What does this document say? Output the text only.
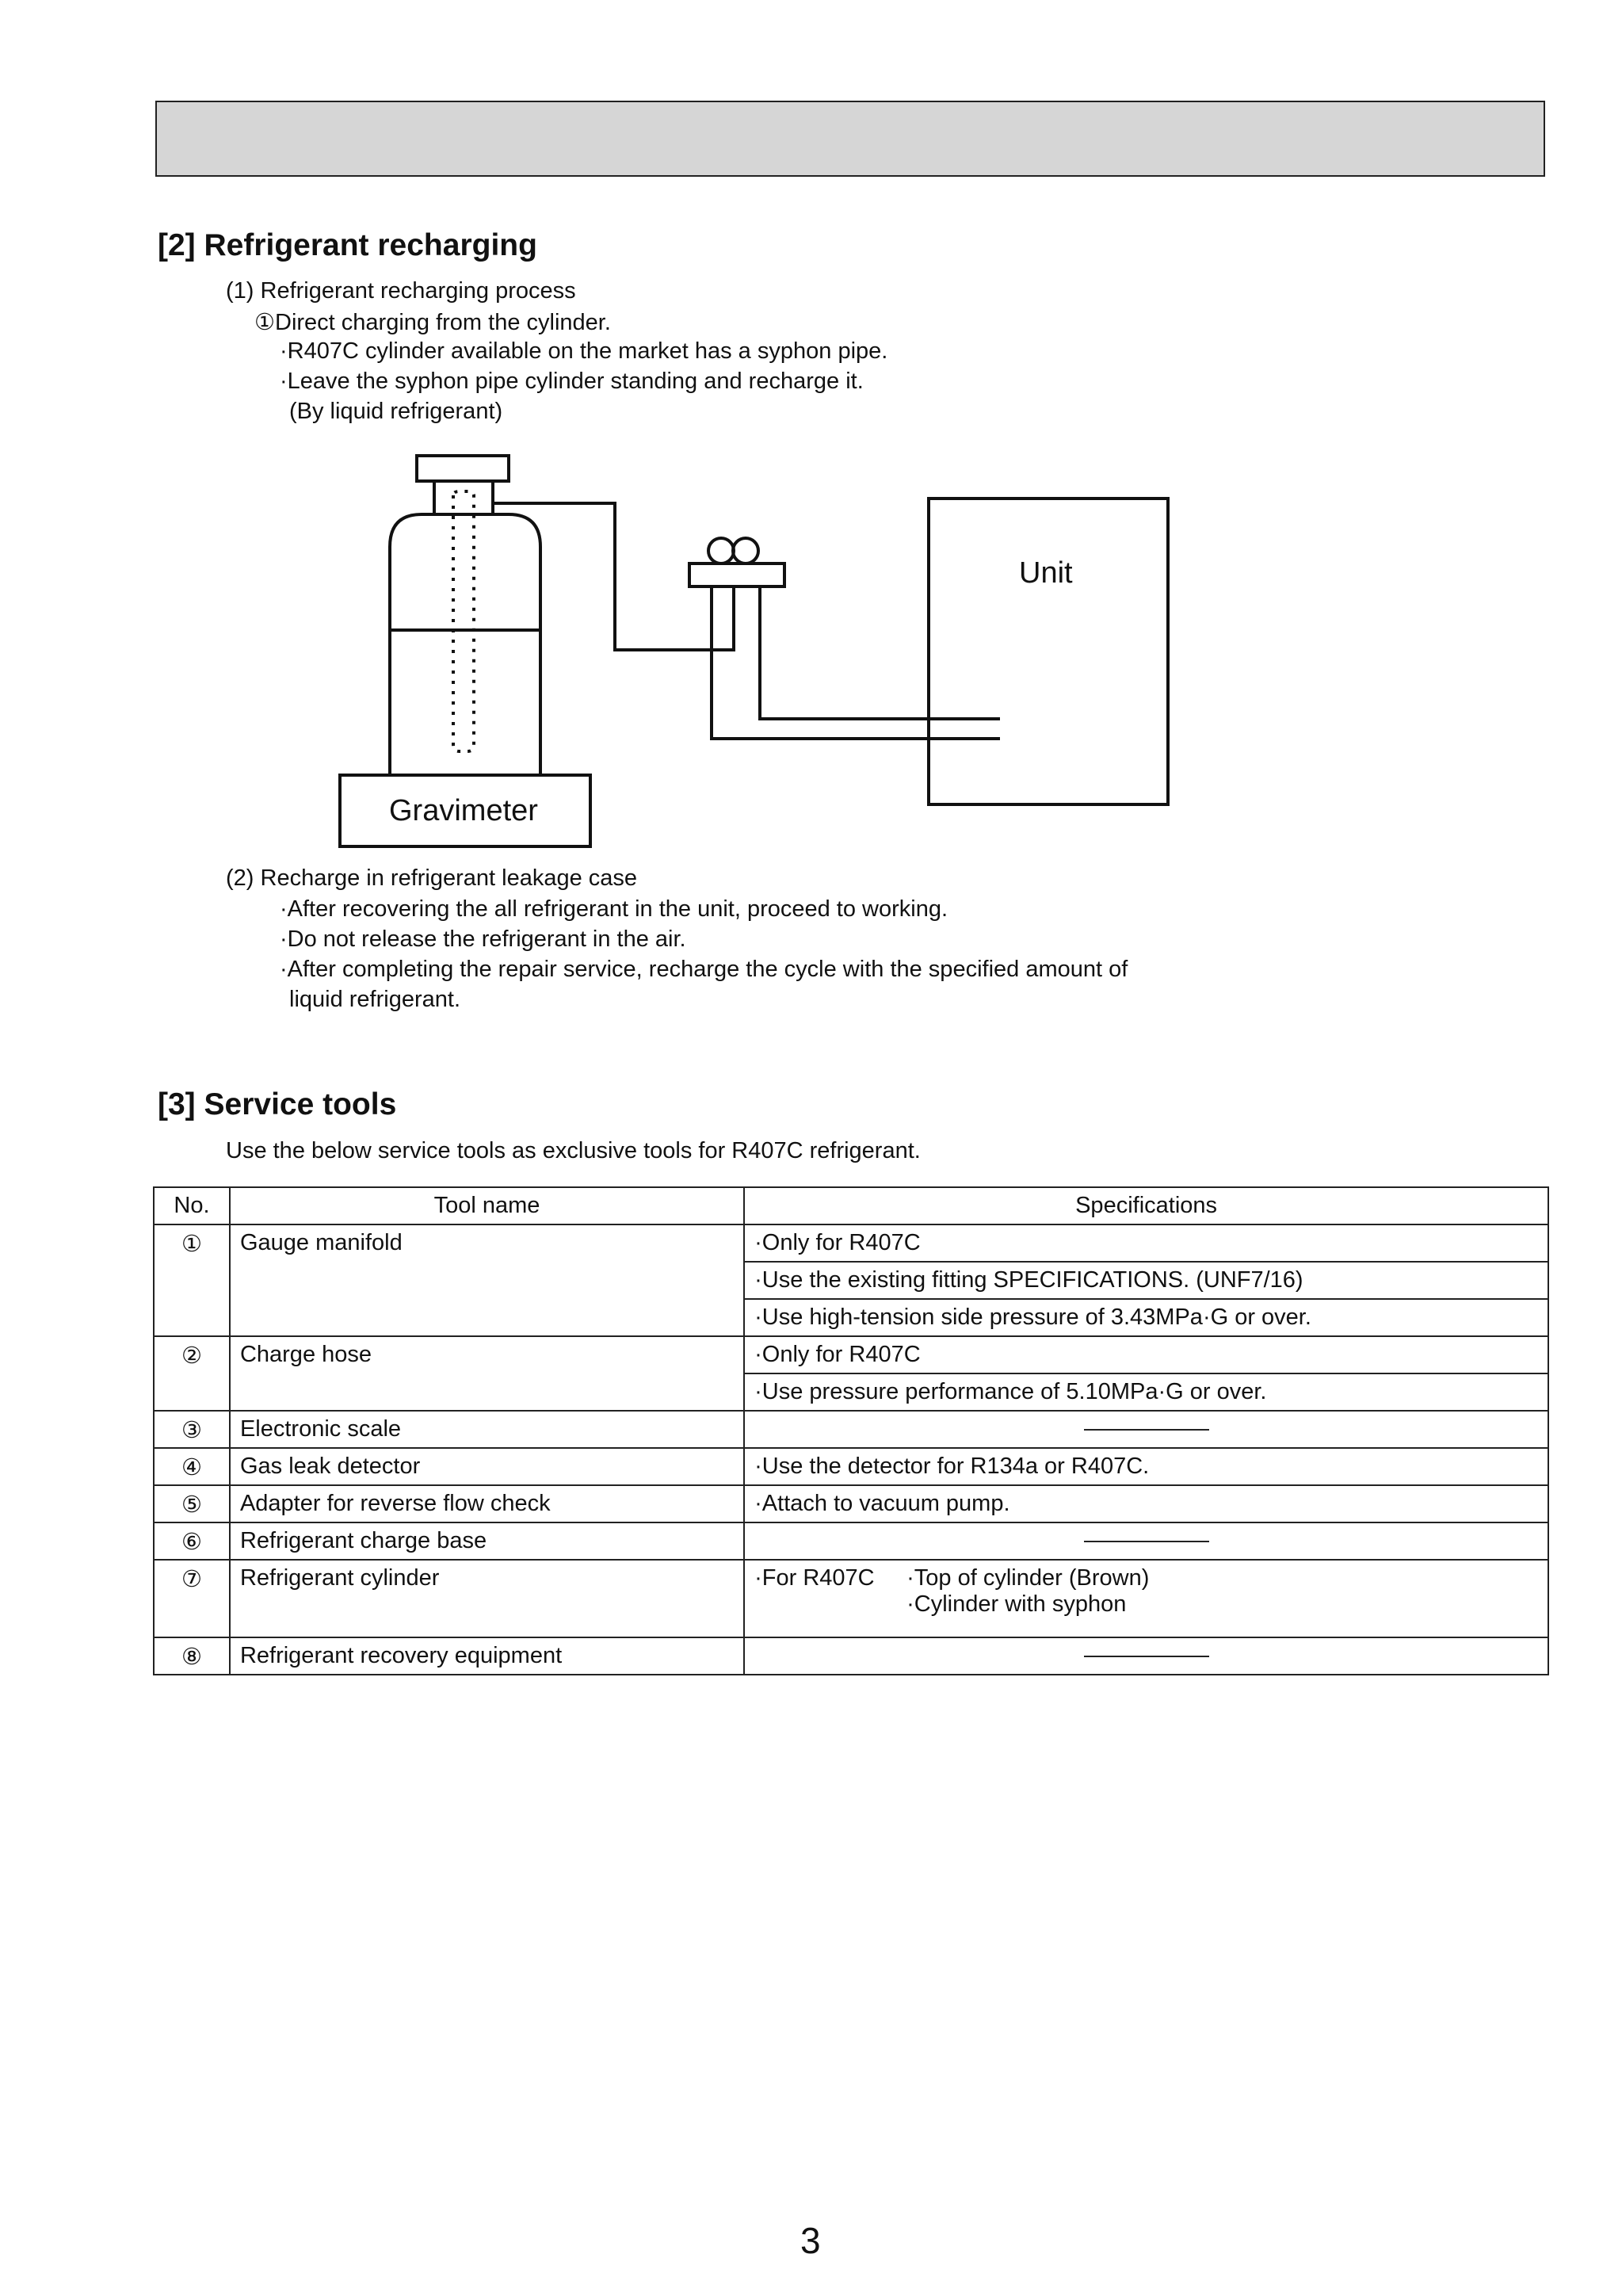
[2] Refrigerant recharging
(1) Refrigerant recharging process
①Direct charging from the cylinder.
·R407C cylinder available on the market has a syphon pipe.
·Leave the syphon pipe cylinder standing and recharge it.
(By liquid refrigerant)
Unit
Gravimeter
(2) Recharge in refrigerant leakage case
·After recovering the all refrigerant in the unit, proceed to working.
·Do not release the refrigerant in the air.
·After completing the repair service, recharge the cycle with the specified amount of
liquid refrigerant.
[3] Service tools
Use the below service tools as exclusive tools for R407C refrigerant.
No.	Tool name	Specifications
①	Gauge manifold	·Only for R407C
		·Use the existing fitting SPECIFICATIONS. (UNF7/16)
		·Use high-tension side pressure of 3.43MPa·G or over.
②	Charge hose	·Only for R407C
		·Use pressure performance of 5.10MPa·G or over.
③	Electronic scale	
④	Gas leak detector	·Use the detector for R134a or R407C.
⑤	Adapter for reverse flow check	·Attach to vacuum pump.
⑥	Refrigerant charge base	
⑦	Refrigerant cylinder	·For R407C ·Top of cylinder (Brown)
·Cylinder with syphon

⑧	Refrigerant recovery equipment	
3
